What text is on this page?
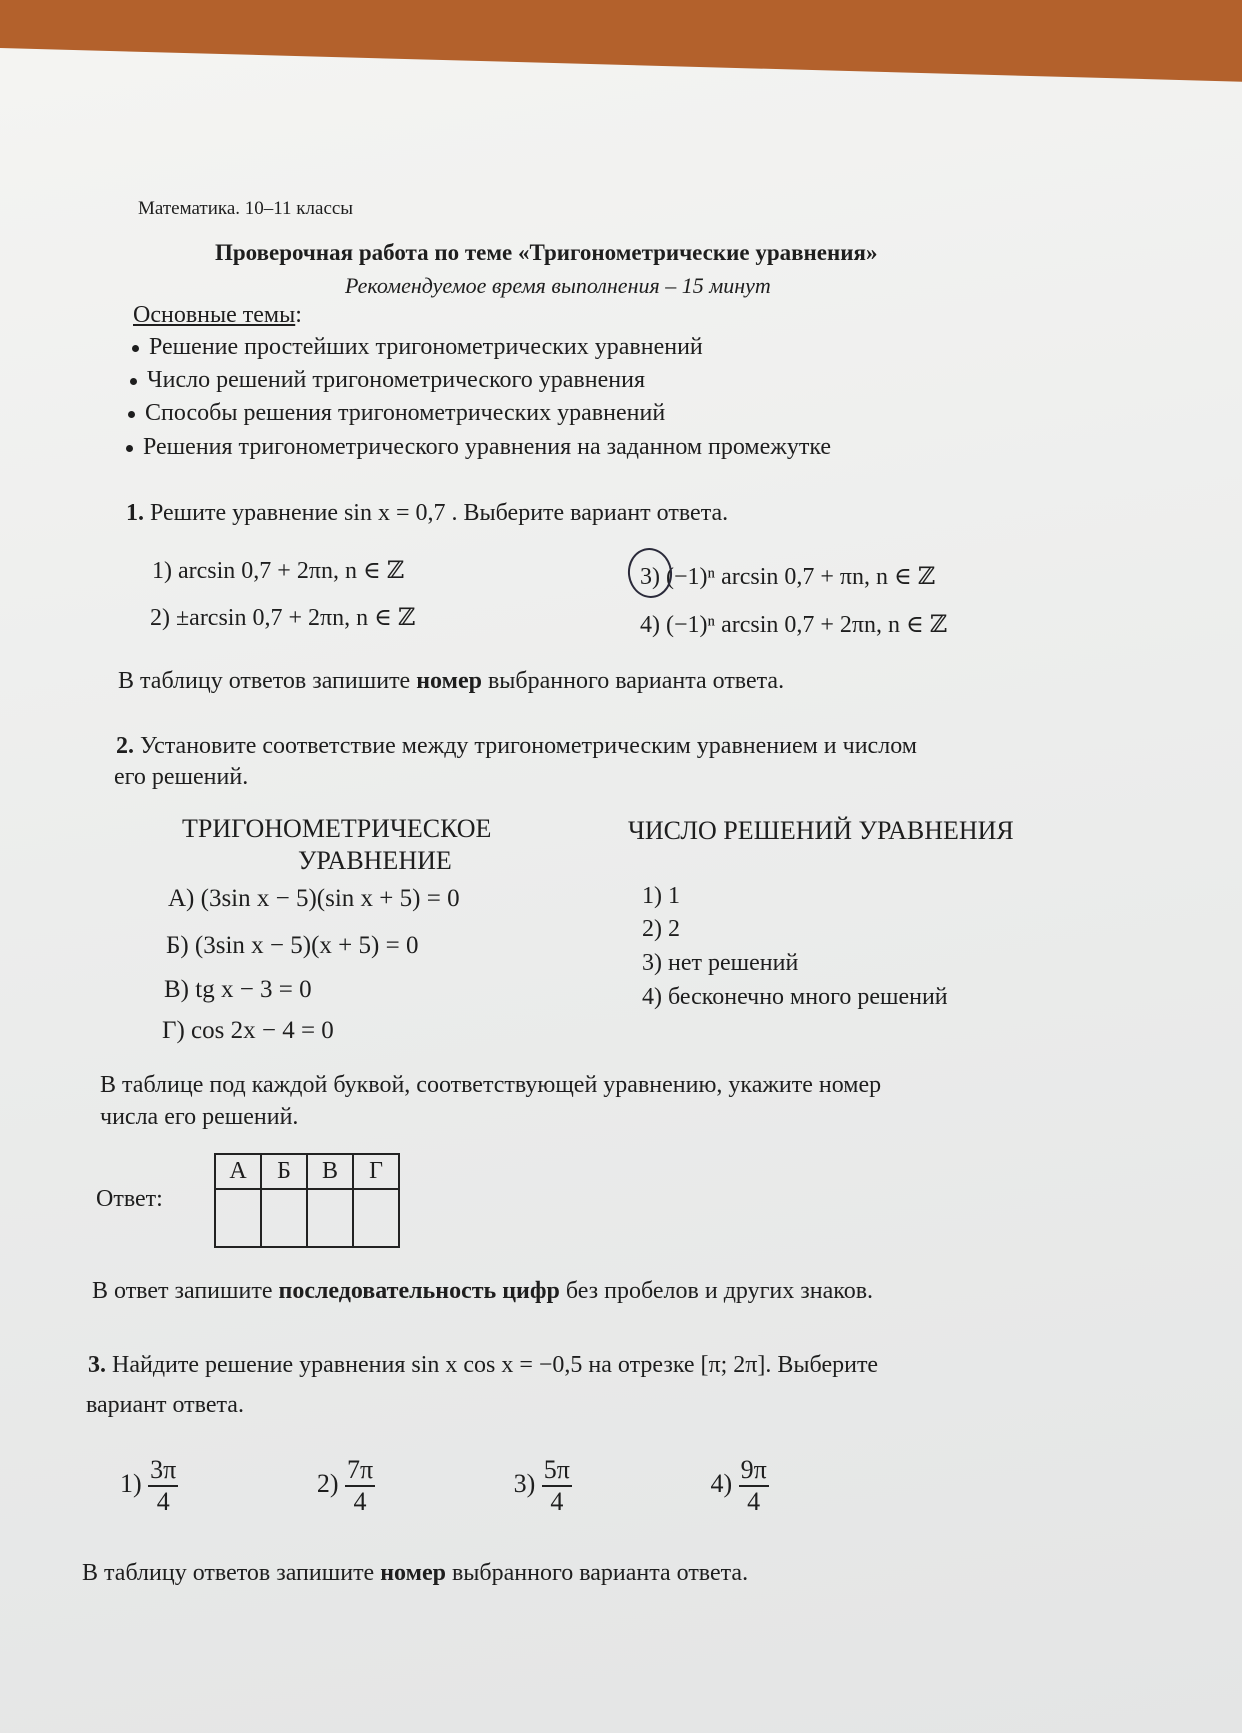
Математика. 10–11 классы
Проверочная работа по теме «Тригонометрические уравнения»
Рекомендуемое время выполнения – 15 минут
Основные темы:
Решение простейших тригонометрических уравнений
Число решений тригонометрического уравнения
Способы решения тригонометрических уравнений
Решения тригонометрического уравнения на заданном промежутке
1. Решите уравнение sin x = 0,7 . Выберите вариант ответа.
1) arcsin 0,7 + 2πn, n ∈ ℤ
2) ±arcsin 0,7 + 2πn, n ∈ ℤ
3) (−1)ⁿ arcsin 0,7 + πn, n ∈ ℤ
4) (−1)ⁿ arcsin 0,7 + 2πn, n ∈ ℤ
В таблицу ответов запишите номер выбранного варианта ответа.
2. Установите соответствие между тригонометрическим уравнением и числом
его решений.
ТРИГОНОМЕТРИЧЕСКОЕ
УРАВНЕНИЕ
ЧИСЛО РЕШЕНИЙ УРАВНЕНИЯ
А) (3sin x − 5)(sin x + 5) = 0
Б) (3sin x − 5)(x + 5) = 0
В) tg x − 3 = 0
Г) cos 2x − 4 = 0
1) 1
2) 2
3) нет решений
4) бесконечно много решений
В таблице под каждой буквой, соответствующей уравнению, укажите номер
числа его решений.
Ответ:
А	Б	В	Г

В ответ запишите последовательность цифр без пробелов и других знаков.
3. Найдите решение уравнения sin x cos x = −0,5 на отрезке [π; 2π]. Выберите
вариант ответа.
$1) \frac{3\pi}{4}$	$2) \frac{7\pi}{4}$	$3) \frac{5\pi}{4}$	$4) \frac{9\pi}{4}$
В таблицу ответов запишите номер выбранного варианта ответа.
